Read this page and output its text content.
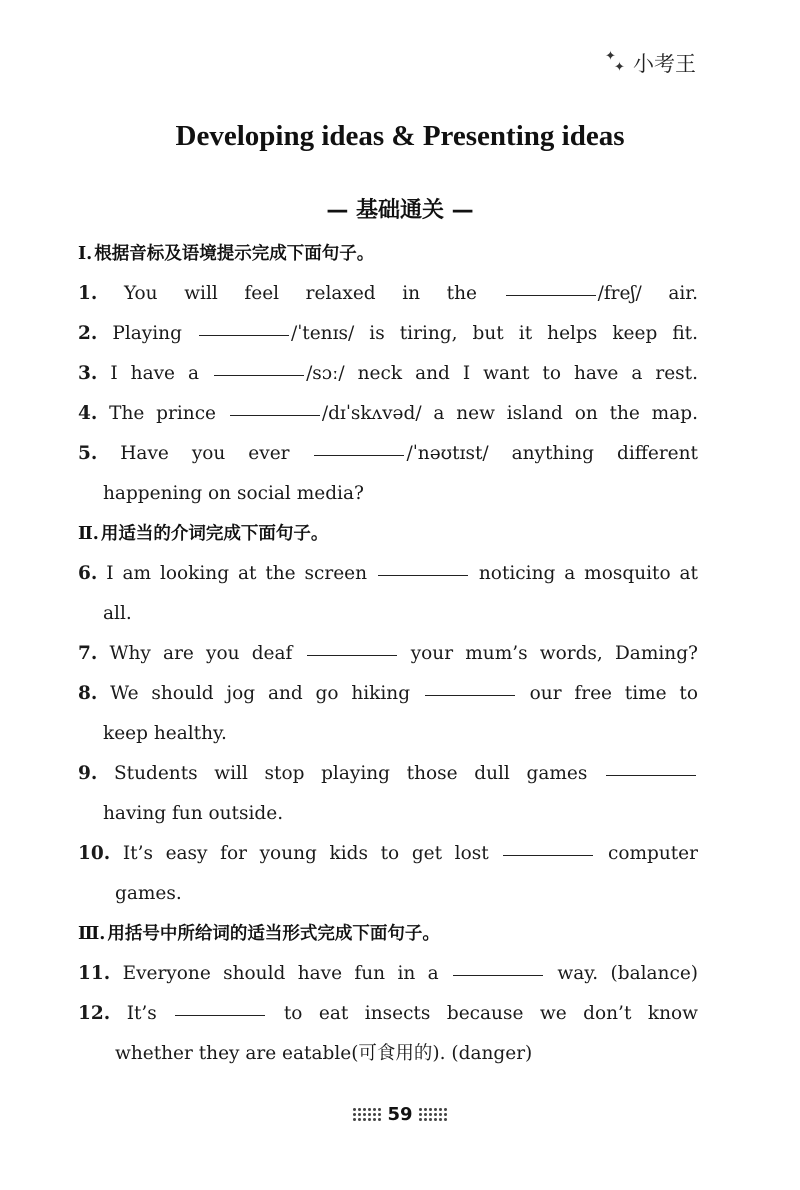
✦
✦ 小考王
Developing ideas & Presenting ideas
— 基础通关 —
Ⅰ. 根据音标及语境提示完成下面句子。
1. You will feel relaxed in the	/freʃ/ air.
2. Playing	/ˈtenɪs/ is tiring, but it helps keep fit.
3. I have a	/sɔː/ neck and I want to have a rest.
4. The prince	/dɪˈskʌvəd/ a new island on the map.
5. Have you ever	/ˈnəʊtɪst/ anything different
happening on social media?
Ⅱ. 用适当的介词完成下面句子。
6. I am looking at the screen	noticing a mosquito at
all.
7. Why are you deaf	your mum’s words, Daming?
8. We should jog and go hiking	our free time to
keep healthy.
9. Students will stop playing those dull games
having fun outside.
10. It’s easy for young kids to get lost	computer
games.
Ⅲ. 用括号中所给词的适当形式完成下面句子。
11. Everyone should have fun in a	way. (balance)
12. It’s	to eat insects because we don’t know
whether they are eatable(可食用的). (danger)
59
